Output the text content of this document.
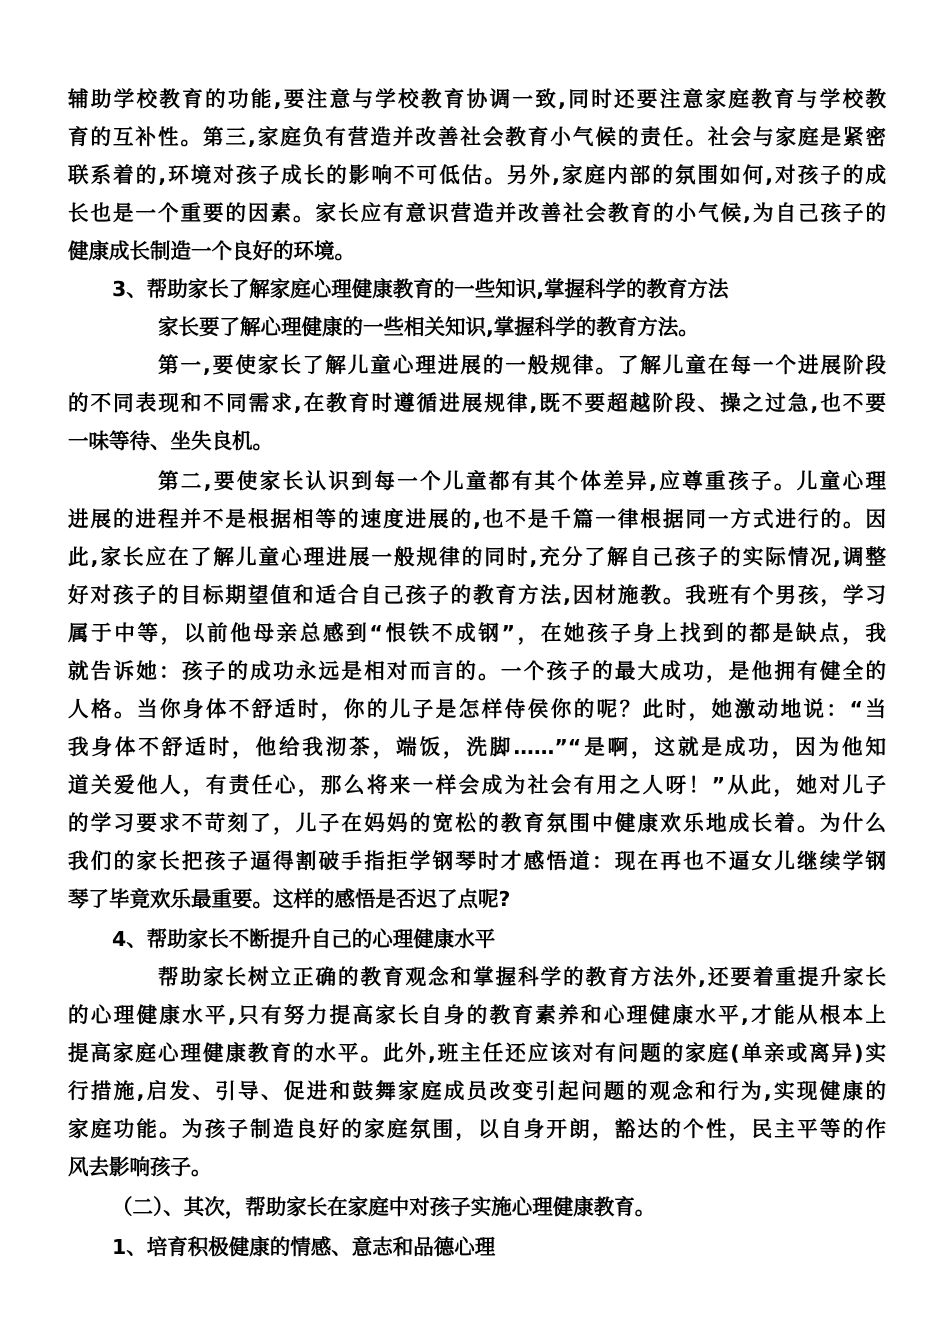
辅助学校教育的功能,要注意与学校教育协调一致,同时还要注意家庭教育与学校教
育的互补性。第三,家庭负有营造并改善社会教育小气候的责任。社会与家庭是紧密
联系着的,环境对孩子成长的影响不可低估。另外,家庭内部的氛围如何,对孩子的成
长也是一个重要的因素。家长应有意识营造并改善社会教育的小气候,为自己孩子的
健康成长制造一个良好的环境。
3、帮助家长了解家庭心理健康教育的一些知识,掌握科学的教育方法
家长要了解心理健康的一些相关知识,掌握科学的教育方法。
第一,要使家长了解儿童心理进展的一般规律。了解儿童在每一个进展阶段
的不同表现和不同需求,在教育时遵循进展规律,既不要超越阶段、操之过急,也不要
一味等待、坐失良机。
第二,要使家长认识到每一个儿童都有其个体差异,应尊重孩子。儿童心理
进展的进程并不是根据相等的速度进展的,也不是千篇一律根据同一方式进行的。因
此,家长应在了解儿童心理进展一般规律的同时,充分了解自己孩子的实际情况,调整
好对孩子的目标期望值和适合自己孩子的教育方法,因材施教。我班有个男孩，学习
属于中等，以前他母亲总感到“恨铁不成钢”，在她孩子身上找到的都是缺点，我
就告诉她：孩子的成功永远是相对而言的。一个孩子的最大成功，是他拥有健全的
人格。当你身体不舒适时，你的儿子是怎样侍侯你的呢？此时，她激动地说：“当
我身体不舒适时，他给我沏茶，端饭，洗脚……”“是啊，这就是成功，因为他知
道关爱他人，有责任心，那么将来一样会成为社会有用之人呀！”从此，她对儿子
的学习要求不苛刻了，儿子在妈妈的宽松的教育氛围中健康欢乐地成长着。为什么
我们的家长把孩子逼得割破手指拒学钢琴时才感悟道：现在再也不逼女儿继续学钢
琴了毕竟欢乐最重要。这样的感悟是否迟了点呢?
4、帮助家长不断提升自己的心理健康水平
帮助家长树立正确的教育观念和掌握科学的教育方法外,还要着重提升家长
的心理健康水平,只有努力提高家长自身的教育素养和心理健康水平,才能从根本上
提高家庭心理健康教育的水平。此外,班主任还应该对有问题的家庭(单亲或离异)实
行措施,启发、引导、促进和鼓舞家庭成员改变引起问题的观念和行为,实现健康的
家庭功能。为孩子制造良好的家庭氛围，以自身开朗，豁达的个性，民主平等的作
风去影响孩子。
（二）、其次，帮助家长在家庭中对孩子实施心理健康教育。
1、培育积极健康的情感、意志和品德心理
